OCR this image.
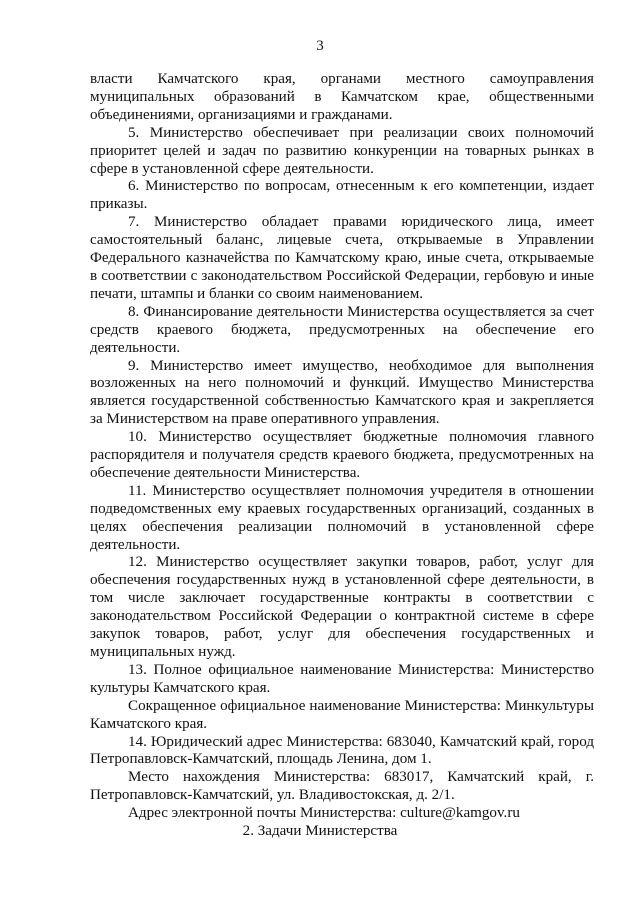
3

власти Камчатского края, органами местного самоуправления муниципальных образований в Камчатском крае, общественными объединениями, организациями и гражданами.

5. Министерство обеспечивает при реализации своих полномочий приоритет целей и задач по развитию конкуренции на товарных рынках в сфере в установленной сфере деятельности.

6. Министерство по вопросам, отнесенным к его компетенции, издает приказы.

7. Министерство обладает правами юридического лица, имеет самостоятельный баланс, лицевые счета, открываемые в Управлении Федерального казначейства по Камчатскому краю, иные счета, открываемые в соответствии с законодательством Российской Федерации, гербовую и иные печати, штампы и бланки со своим наименованием.

8. Финансирование деятельности Министерства осуществляется за счет средств краевого бюджета, предусмотренных на обеспечение его деятельности.

9. Министерство имеет имущество, необходимое для выполнения возложенных на него полномочий и функций. Имущество Министерства является государственной собственностью Камчатского края и закрепляется за Министерством на праве оперативного управления.

10. Министерство осуществляет бюджетные полномочия главного распорядителя и получателя средств краевого бюджета, предусмотренных на обеспечение деятельности Министерства.

11. Министерство осуществляет полномочия учредителя в отношении подведомственных ему краевых государственных организаций, созданных в целях обеспечения реализации полномочий в установленной сфере деятельности.

12. Министерство осуществляет закупки товаров, работ, услуг для обеспечения государственных нужд в установленной сфере деятельности, в том числе заключает государственные контракты в соответствии с законодательством Российской Федерации о контрактной системе в сфере закупок товаров, работ, услуг для обеспечения государственных и муниципальных нужд.

13. Полное официальное наименование Министерства: Министерство культуры Камчатского края.

Сокращенное официальное наименование Министерства: Минкультуры Камчатского края.

14. Юридический адрес Министерства: 683040, Камчатский край, город Петропавловск-Камчатский, площадь Ленина, дом 1.

Место нахождения Министерства: 683017, Камчатский край, г. Петропавловск-Камчатский, ул. Владивостокская, д. 2/1.

Адрес электронной почты Министерства: culture@kamgov.ru

2. Задачи Министерства
